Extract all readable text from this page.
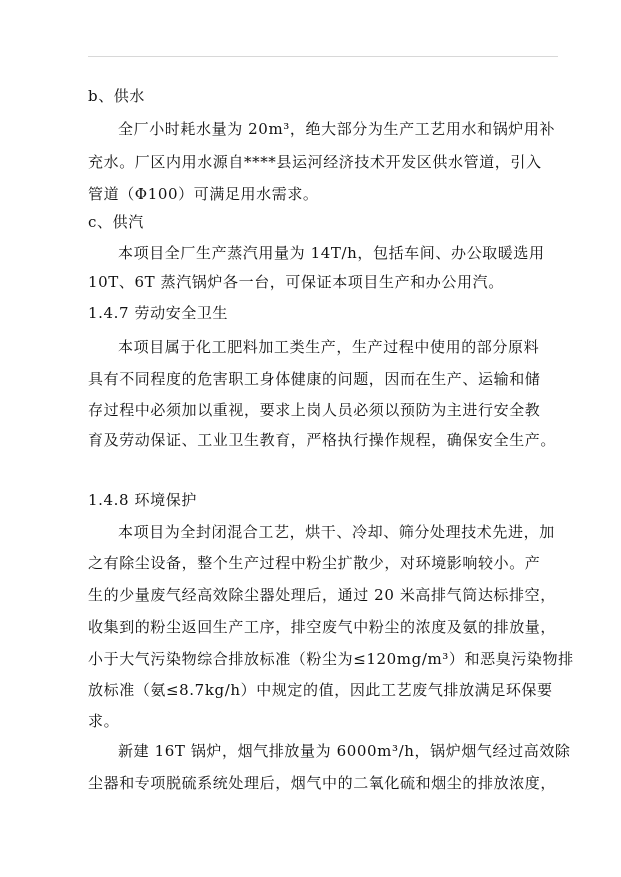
b、供水
全厂小时耗水量为 20m³，绝大部分为生产工艺用水和锅炉用补
充水。厂区内用水源自****县运河经济技术开发区供水管道，引入
管道（Φ100）可满足用水需求。
c、供汽
本项目全厂生产蒸汽用量为 14T/h，包括车间、办公取暖选用
10T、6T 蒸汽锅炉各一台，可保证本项目生产和办公用汽。
1.4.7 劳动安全卫生
本项目属于化工肥料加工类生产，生产过程中使用的部分原料
具有不同程度的危害职工身体健康的问题，因而在生产、运输和储
存过程中必须加以重视，要求上岗人员必须以预防为主进行安全教
育及劳动保证、工业卫生教育，严格执行操作规程，确保安全生产。
1.4.8 环境保护
本项目为全封闭混合工艺，烘干、冷却、筛分处理技术先进，加
之有除尘设备，整个生产过程中粉尘扩散少，对环境影响较小。产
生的少量废气经高效除尘器处理后，通过 20 米高排气筒达标排空，
收集到的粉尘返回生产工序，排空废气中粉尘的浓度及氨的排放量，
小于大气污染物综合排放标准（粉尘为≤120mg/m³）和恶臭污染物排
放标准（氨≤8.7kg/h）中规定的值，因此工艺废气排放满足环保要
求。
新建 16T 锅炉，烟气排放量为 6000m³/h，锅炉烟气经过高效除
尘器和专项脱硫系统处理后，烟气中的二氧化硫和烟尘的排放浓度，
